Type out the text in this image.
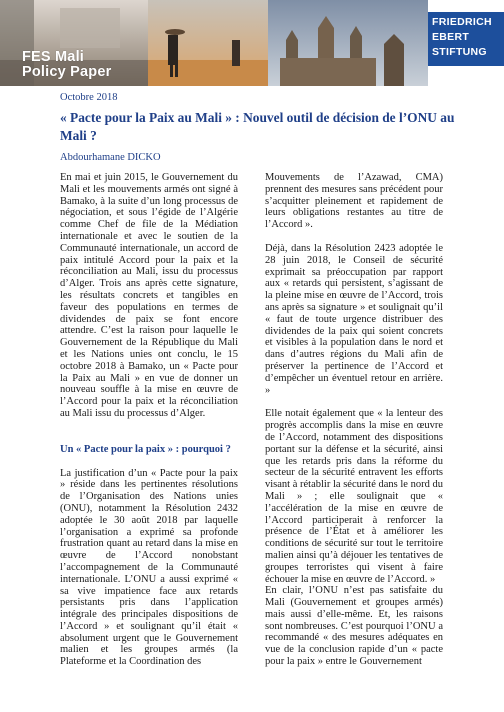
FES Mali
Policy Paper
FRIEDRICH
EBERT
STIFTUNG
Octobre 2018
« Pacte pour la Paix au Mali » : Nouvel outil de décision de l’ONU au Mali ?
Abdourhamane DICKO

En mai et juin 2015, le Gouvernement du Mali et les mouvements armés ont signé à Bamako, à la suite d’un long processus de négociation, et sous l’égide de l’Algérie comme Chef de file de la Médiation internationale et avec le soutien de la Communauté internationale, un accord de paix intitulé Accord pour la paix et la réconciliation au Mali, issu du processus d’Alger. Trois ans après cette signature, les résultats concrets et tangibles en faveur des populations en termes de dividendes de paix se font encore attendre. C’est la raison pour laquelle le Gouvernement de la République du Mali et les Nations unies ont conclu, le 15 octobre 2018 à Bamako, un « Pacte pour la Paix au Mali » en vue de donner un nouveau souffle à la mise en œuvre de l’Accord pour la paix et la réconciliation au Mali issu du processus d’Alger.

Un « Pacte pour la paix » : pourquoi ?

La justification d’un « Pacte pour la paix » réside dans les pertinentes résolutions de l’Organisation des Nations unies (ONU), notamment la Résolution 2432 adoptée le 30 août 2018 par laquelle l’organisation a exprimé sa profonde frustration quant au retard dans la mise en œuvre de l’Accord nonobstant l’accompagnement de la Communauté internationale. L’ONU a aussi exprimé « sa vive impatience face aux retards persistants pris dans l’application intégrale des principales dispositions de l’Accord » et soulignant qu’il était « absolument urgent que le Gouvernement malien et les groupes armés (la Plateforme et la Coordination des

Mouvements de l’Azawad, CMA) prennent des mesures sans précédent pour s’acquitter pleinement et rapidement de leurs obligations restantes au titre de l’Accord ».

Déjà, dans la Résolution 2423 adoptée le 28 juin 2018, le Conseil de sécurité exprimait sa préoccupation par rapport aux « retards qui persistent, s’agissant de la pleine mise en œuvre de l’Accord, trois ans après sa signature » et soulignait qu’il « faut de toute urgence distribuer des dividendes de la paix qui soient concrets et visibles à la population dans le nord et dans d’autres régions du Mali afin de préserver la pertinence de l’Accord et d’empêcher un éventuel retour en arrière. »

Elle notait également que « la lenteur des progrès accomplis dans la mise en œuvre de l’Accord, notamment des dispositions portant sur la défense et la sécurité, ainsi que les retards pris dans la réforme du secteur de la sécurité entravent les efforts visant à rétablir la sécurité dans le nord du Mali » ; elle soulignait que « l’accélération de la mise en œuvre de l’Accord participerait à renforcer la présence de l’État et à améliorer les conditions de sécurité sur tout le territoire malien ainsi qu’à déjouer les tentatives de groupes terroristes qui visent à faire échouer la mise en œuvre de l’Accord. »

En clair, l’ONU n’est pas satisfaite du Mali (Gouvernement et groupes armés) mais aussi d’elle-même. Et, les raisons sont nombreuses. C’est pourquoi l’ONU a recommandé « des mesures adéquates en vue de la conclusion rapide d’un « pacte pour la paix » entre le Gouvernement
